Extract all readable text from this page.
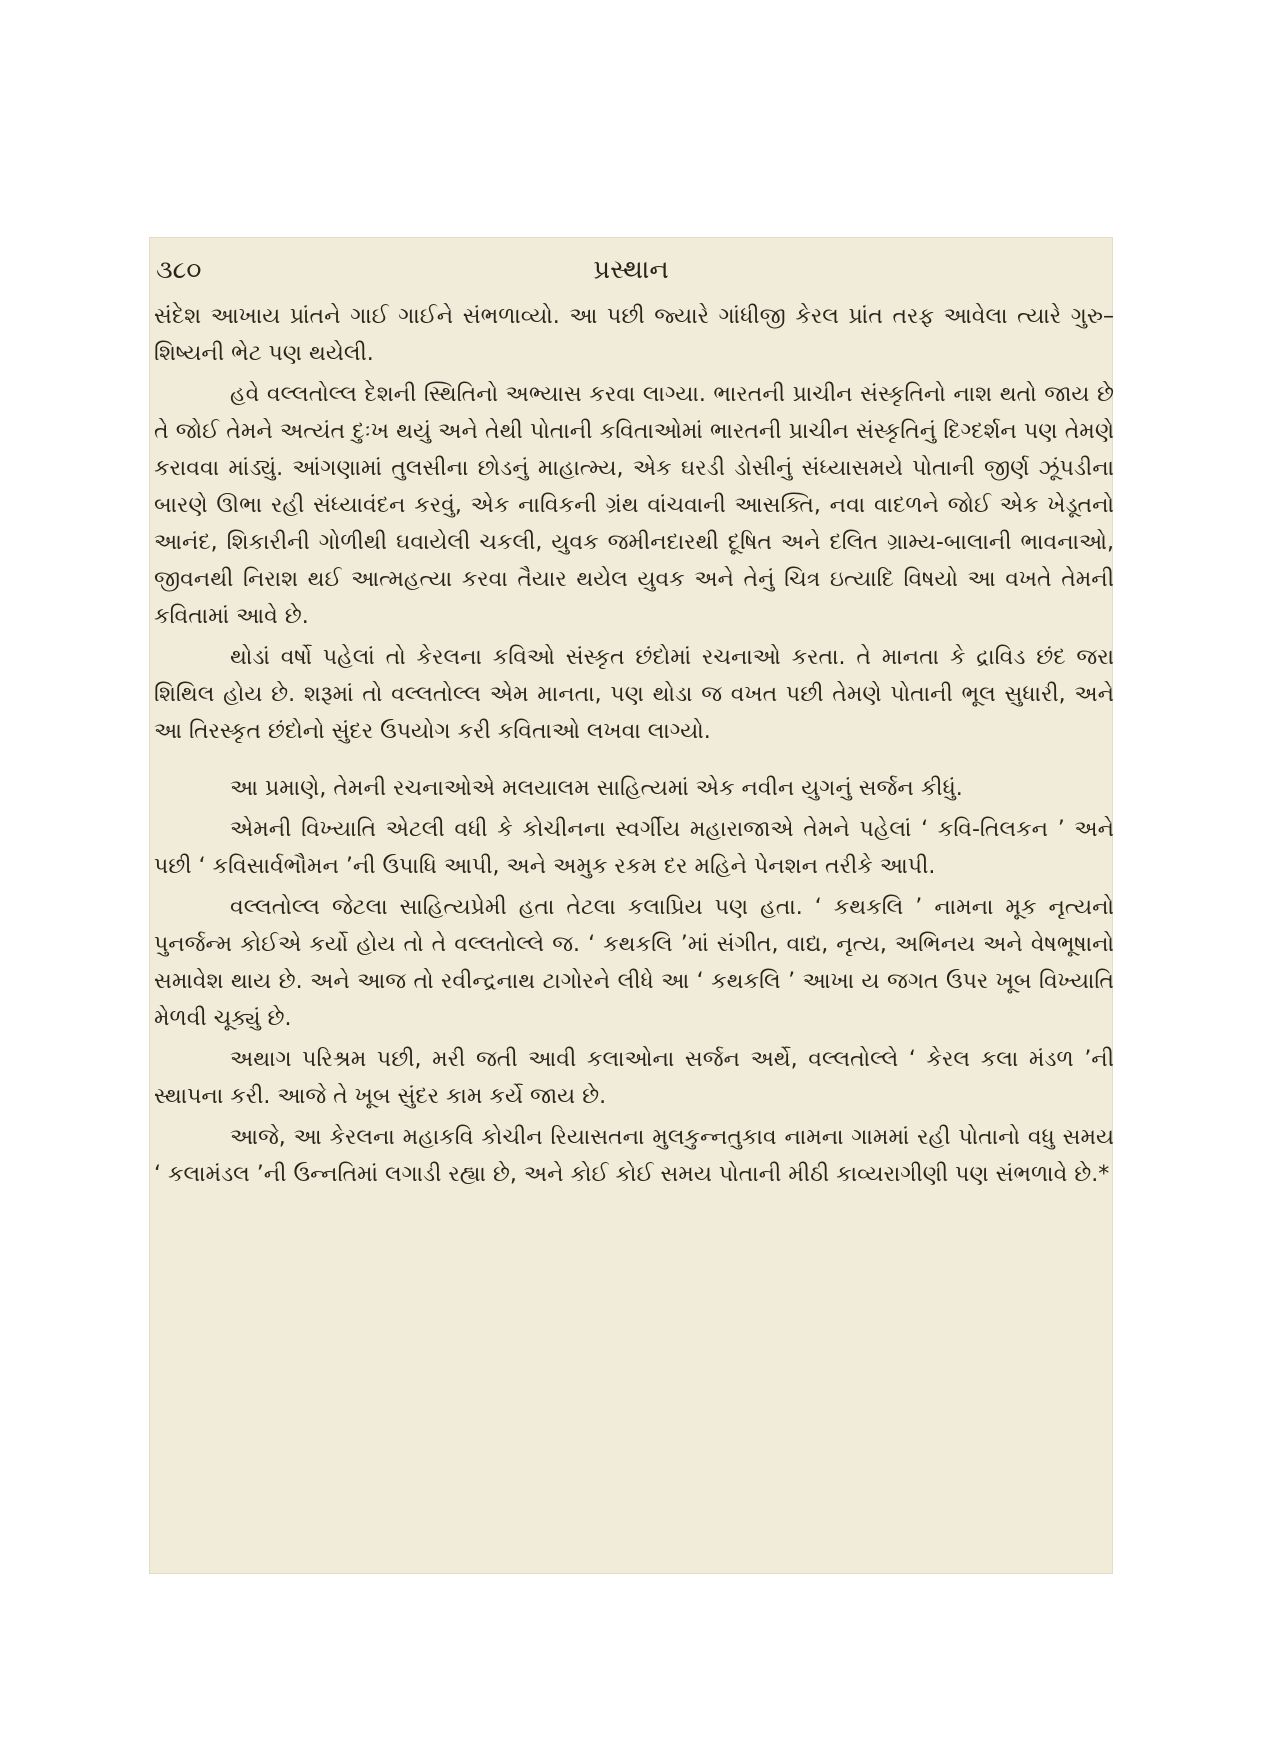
૩૮૦	પ્રસ્થાન

સંદેશ આખાય પ્રાંતને ગાઈ ગાઈને સંભળાવ્યો. આ પછી જ્યારે ગાંધીજી કેરલ પ્રાંત તરફ આવેલા ત્યારે ગુરુ–શિષ્યની ભેટ પણ થયેલી.

હવે વલ્લતોલ્લ દેશની સ્થિતિનો અભ્યાસ કરવા લાગ્યા. ભારતની પ્રાચીન સંસ્કૃતિનો નાશ થતો જાય છે તે જોઈ તેમને અત્યંત દુઃખ થયું અને તેથી પોતાની કવિતાઓમાં ભારતની પ્રાચીન સંસ્કૃતિનું દિગ્દર્શન પણ તેમણે કરાવવા માંડ્યું. આંગણામાં તુલસીના છોડનું માહાત્મ્ય, એક ઘરડી ડોસીનું સંધ્યાસમયે પોતાની જીર્ણ ઝૂંપડીના બારણે ઊભા રહી સંધ્યાવંદન કરવું, એક નાવિકની ગ્રંથ વાંચવાની આસક્તિ, નવા વાદળને જોઈ એક ખેડૂતનો આનંદ, શિકારીની ગોળીથી ઘવાયેલી ચકલી, યુવક જમીનદારથી દૂષિત અને દલિત ગ્રામ્ય-બાલાની ભાવનાઓ, જીવનથી નિરાશ થઈ આત્મહત્યા કરવા તૈયાર થયેલ યુવક અને તેનું ચિત્ર ઇત્યાદિ વિષયો આ વખતે તેમની કવિતામાં આવે છે.

થોડાં વર્ષો પહેલાં તો કેરલના કવિઓ સંસ્કૃત છંદોમાં રચનાઓ કરતા. તે માનતા કે દ્રાવિડ છંદ જરા શિથિલ હોય છે. શરૂમાં તો વલ્લતોલ્લ એમ માનતા, પણ થોડા જ વખત પછી તેમણે પોતાની ભૂલ સુધારી, અને આ તિરસ્કૃત છંદોનો સુંદર ઉપયોગ કરી કવિતાઓ લખવા લાગ્યો.

આ પ્રમાણે, તેમની રચનાઓએ મલયાલમ સાહિત્યમાં એક નવીન યુગનું સર્જન કીધું.

એમની વિખ્યાતિ એટલી વધી કે કોચીનના સ્વર્ગીય મહારાજાએ તેમને પહેલાં ‘ કવિ-તિલકન ’ અને પછી ‘ કવિસાર્વભૌમન ’ની ઉપાધિ આપી, અને અમુક રકમ દર મહિને પેનશન તરીકે આપી.

વલ્લતોલ્લ જેટલા સાહિત્યપ્રેમી હતા તેટલા કલાપ્રિય પણ હતા. ‘ કથકલિ ’ નામના મૂક નૃત્યનો પુનર્જન્મ કોઈએ કર્યો હોય તો તે વલ્લતોલ્લે જ. ‘ કથકલિ ’માં સંગીત, વાદ્ય, નૃત્ય, અભિનય અને વેષભૂષાનો સમાવેશ થાય છે. અને આજ તો રવીન્દ્રનાથ ટાગોરને લીધે આ ‘ કથકલિ ’ આખા ય જગત ઉપર ખૂબ વિખ્યાતિ મેળવી ચૂક્યું છે.

અથાગ પરિશ્રમ પછી, મરી જતી આવી કલાઓના સર્જન અર્થે, વલ્લતોલ્લે ‘ કેરલ કલા મંડળ ’ની સ્થાપના કરી. આજે તે ખૂબ સુંદર કામ કર્યે જાય છે.

આજે, આ કેરલના મહાકવિ કોચીન રિયાસતના મુલકુન્નતુકાવ નામના ગામમાં રહી પોતાનો વધુ સમય ‘ કલામંડલ ’ની ઉન્નતિમાં લગાડી રહ્યા છે, અને કોઈ કોઈ સમય પોતાની મીઠી કાવ્યરાગીણી પણ સંભળાવે છે.*
